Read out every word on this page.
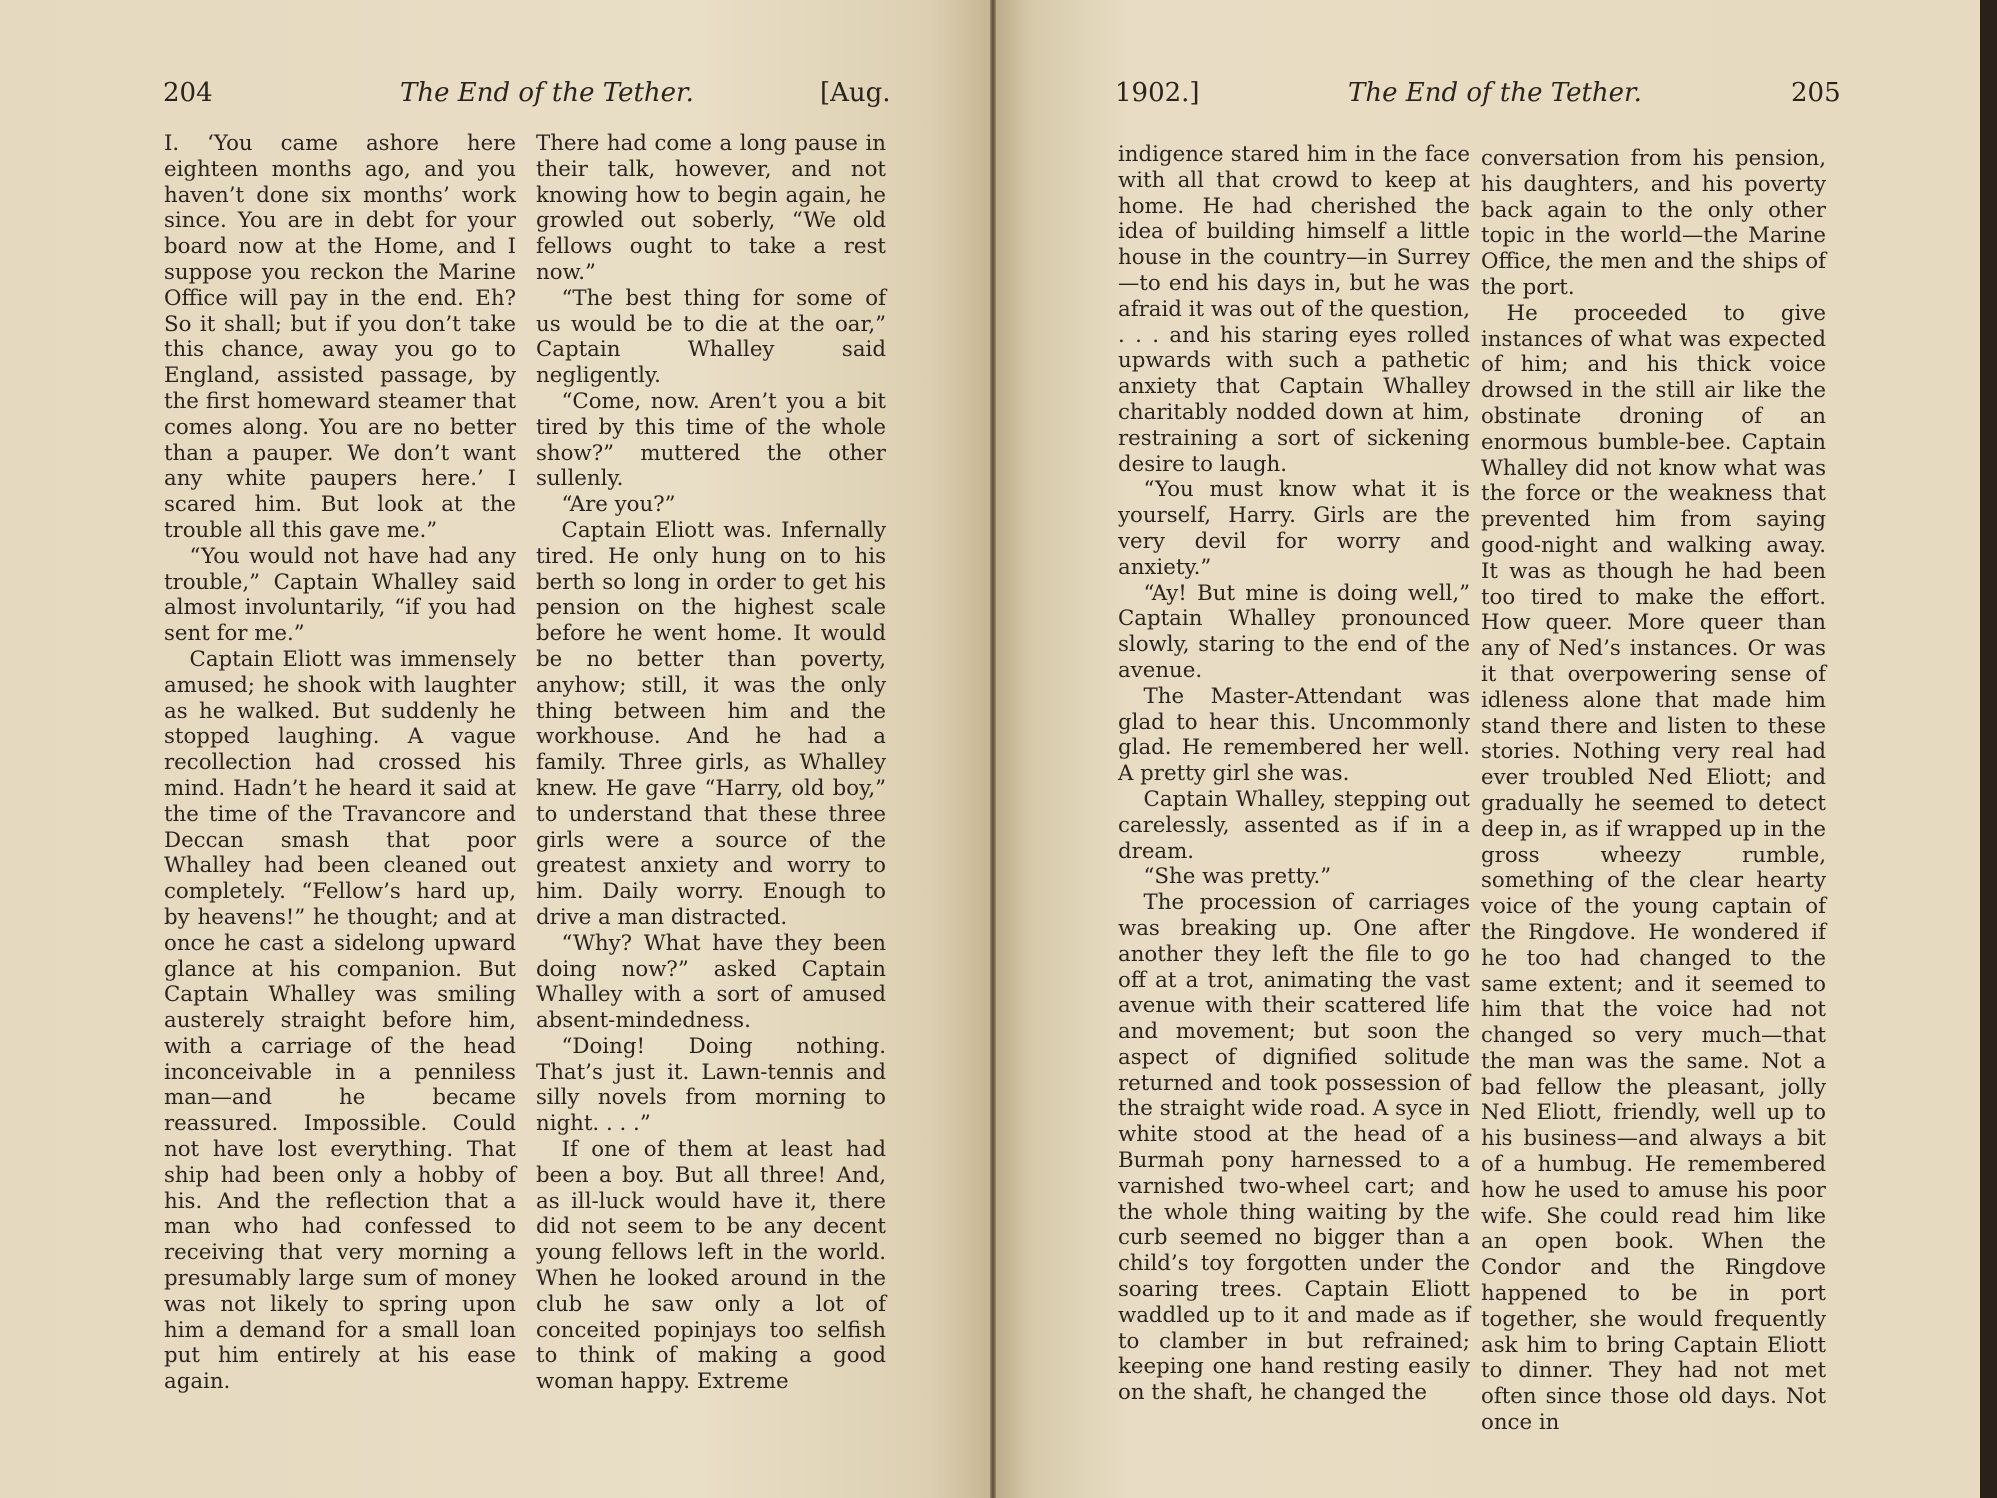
204	The End of the Tether.	[Aug.

I. ‘You came ashore here eighteen months ago, and you haven’t done six months’ work since. You are in debt for your board now at the Home, and I suppose you reckon the Marine Office will pay in the end. Eh? So it shall; but if you don’t take this chance, away you go to England, assisted passage, by the first homeward steamer that comes along. You are no better than a pauper. We don’t want any white paupers here.’ I scared him. But look at the trouble all this gave me.”

“You would not have had any trouble,” Captain Whalley said almost involuntarily, “if you had sent for me.”

Captain Eliott was immensely amused; he shook with laughter as he walked. But suddenly he stopped laughing. A vague recollection had crossed his mind. Hadn’t he heard it said at the time of the Travancore and Deccan smash that poor Whalley had been cleaned out completely. “Fellow’s hard up, by heavens!” he thought; and at once he cast a sidelong upward glance at his companion. But Captain Whalley was smiling austerely straight before him, with a carriage of the head inconceivable in a penniless man—and he became reassured. Impossible. Could not have lost everything. That ship had been only a hobby of his. And the reflection that a man who had confessed to receiving that very morning a presumably large sum of money was not likely to spring upon him a demand for a small loan put him entirely at his ease again.

There had come a long pause in their talk, however, and not knowing how to begin again, he growled out soberly, “We old fellows ought to take a rest now.”

“The best thing for some of us would be to die at the oar,” Captain Whalley said negligently.

“Come, now. Aren’t you a bit tired by this time of the whole show?” muttered the other sullenly.

“Are you?”

Captain Eliott was. Infernally tired. He only hung on to his berth so long in order to get his pension on the highest scale before he went home. It would be no better than poverty, anyhow; still, it was the only thing between him and the workhouse. And he had a family. Three girls, as Whalley knew. He gave “Harry, old boy,” to understand that these three girls were a source of the greatest anxiety and worry to him. Daily worry. Enough to drive a man distracted.

“Why? What have they been doing now?” asked Captain Whalley with a sort of amused absent-mindedness.

“Doing! Doing nothing. That’s just it. Lawn-tennis and silly novels from morning to night. . . .”

If one of them at least had been a boy. But all three! And, as ill-luck would have it, there did not seem to be any decent young fellows left in the world. When he looked around in the club he saw only a lot of conceited popinjays too selfish to think of making a good woman happy. Extreme

1902.]	The End of the Tether.	205

indigence stared him in the face with all that crowd to keep at home. He had cherished the idea of building himself a little house in the country—in Surrey —to end his days in, but he was afraid it was out of the question, . . . and his staring eyes rolled upwards with such a pathetic anxiety that Captain Whalley charitably nodded down at him, restraining a sort of sickening desire to laugh.

“You must know what it is yourself, Harry. Girls are the very devil for worry and anxiety.”

“Ay! But mine is doing well,” Captain Whalley pronounced slowly, staring to the end of the avenue.

The Master-Attendant was glad to hear this. Uncommonly glad. He remembered her well. A pretty girl she was.

Captain Whalley, stepping out carelessly, assented as if in a dream.

“She was pretty.”

The procession of carriages was breaking up. One after another they left the file to go off at a trot, animating the vast avenue with their scattered life and movement; but soon the aspect of dignified solitude returned and took possession of the straight wide road. A syce in white stood at the head of a Burmah pony harnessed to a varnished two-wheel cart; and the whole thing waiting by the curb seemed no bigger than a child’s toy forgotten under the soaring trees. Captain Eliott waddled up to it and made as if to clamber in but refrained; keeping one hand resting easily on the shaft, he changed the

conversation from his pension, his daughters, and his poverty back again to the only other topic in the world—the Marine Office, the men and the ships of the port.

He proceeded to give instances of what was expected of him; and his thick voice drowsed in the still air like the obstinate droning of an enormous bumble-bee. Captain Whalley did not know what was the force or the weakness that prevented him from saying good-night and walking away. It was as though he had been too tired to make the effort. How queer. More queer than any of Ned’s instances. Or was it that overpowering sense of idleness alone that made him stand there and listen to these stories. Nothing very real had ever troubled Ned Eliott; and gradually he seemed to detect deep in, as if wrapped up in the gross wheezy rumble, something of the clear hearty voice of the young captain of the Ringdove. He wondered if he too had changed to the same extent; and it seemed to him that the voice had not changed so very much—that the man was the same. Not a bad fellow the pleasant, jolly Ned Eliott, friendly, well up to his business—and always a bit of a humbug. He remembered how he used to amuse his poor wife. She could read him like an open book. When the Condor and the Ringdove happened to be in port together, she would frequently ask him to bring Captain Eliott to dinner. They had not met often since those old days. Not once in
